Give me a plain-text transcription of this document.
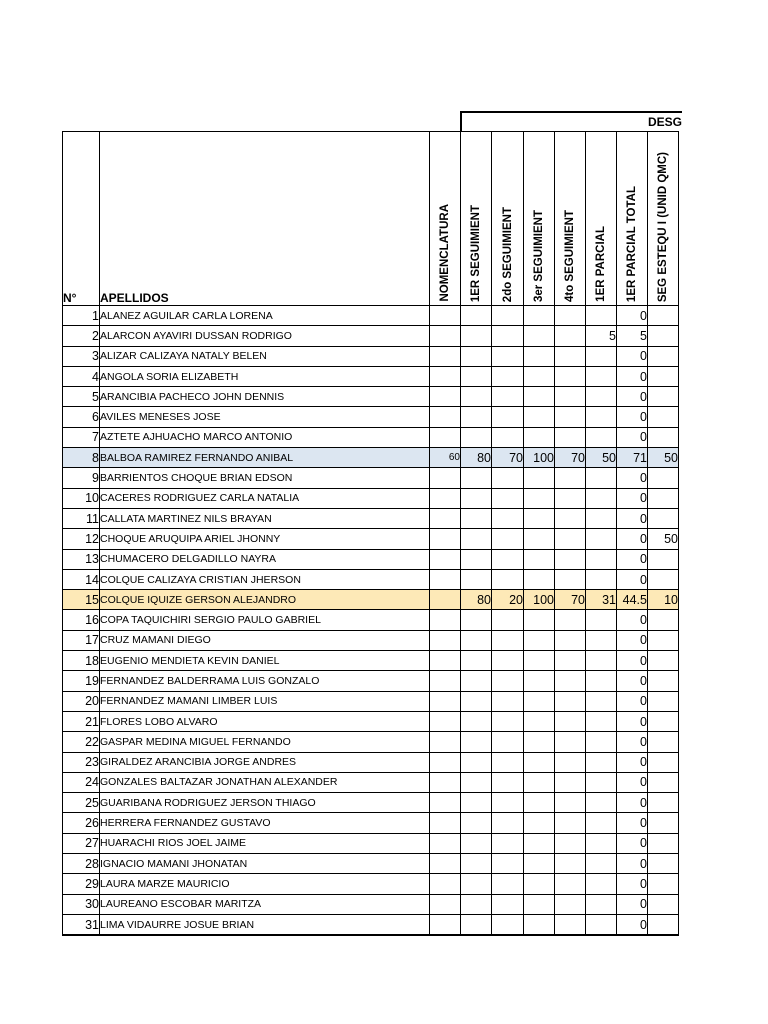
DESG
N°	APELLIDOS	NOMENCLATURA	1ER SEGUIMIENT	2do SEGUIMIENT	3er SEGUIMIENT	4to SEGUIMIENT	1ER PARCIAL	1ER PARCIAL TOTAL	SEG ESTEQU I (UNID QMC)

1	ALANEZ AGUILAR CARLA LORENA							0	
2	ALARCON AYAVIRI DUSSAN RODRIGO						5	5	
3	ALIZAR CALIZAYA NATALY BELEN							0	
4	ANGOLA SORIA ELIZABETH							0	
5	ARANCIBIA PACHECO JOHN DENNIS							0	
6	AVILES MENESES JOSE							0	
7	AZTETE AJHUACHO MARCO ANTONIO							0	
8	BALBOA RAMIREZ FERNANDO ANIBAL	60	80	70	100	70	50	71	50
9	BARRIENTOS CHOQUE BRIAN EDSON							0	
10	CACERES RODRIGUEZ CARLA NATALIA							0	
11	CALLATA MARTINEZ NILS BRAYAN							0	
12	CHOQUE ARUQUIPA ARIEL JHONNY							0	50
13	CHUMACERO DELGADILLO NAYRA							0	
14	COLQUE CALIZAYA CRISTIAN JHERSON							0	
15	COLQUE IQUIZE GERSON ALEJANDRO		80	20	100	70	31	44.5	10
16	COPA TAQUICHIRI SERGIO PAULO GABRIEL							0	
17	CRUZ MAMANI DIEGO							0	
18	EUGENIO MENDIETA KEVIN DANIEL							0	
19	FERNANDEZ BALDERRAMA LUIS GONZALO							0	
20	FERNANDEZ MAMANI LIMBER LUIS							0	
21	FLORES LOBO ALVARO							0	
22	GASPAR MEDINA MIGUEL FERNANDO							0	
23	GIRALDEZ ARANCIBIA JORGE ANDRES							0	
24	GONZALES BALTAZAR JONATHAN ALEXANDER							0	
25	GUARIBANA RODRIGUEZ JERSON THIAGO							0	
26	HERRERA FERNANDEZ GUSTAVO							0	
27	HUARACHI RIOS JOEL JAIME							0	
28	IGNACIO MAMANI JHONATAN							0	
29	LAURA MARZE MAURICIO							0	
30	LAUREANO ESCOBAR MARITZA							0	
31	LIMA VIDAURRE JOSUE BRIAN							0	
